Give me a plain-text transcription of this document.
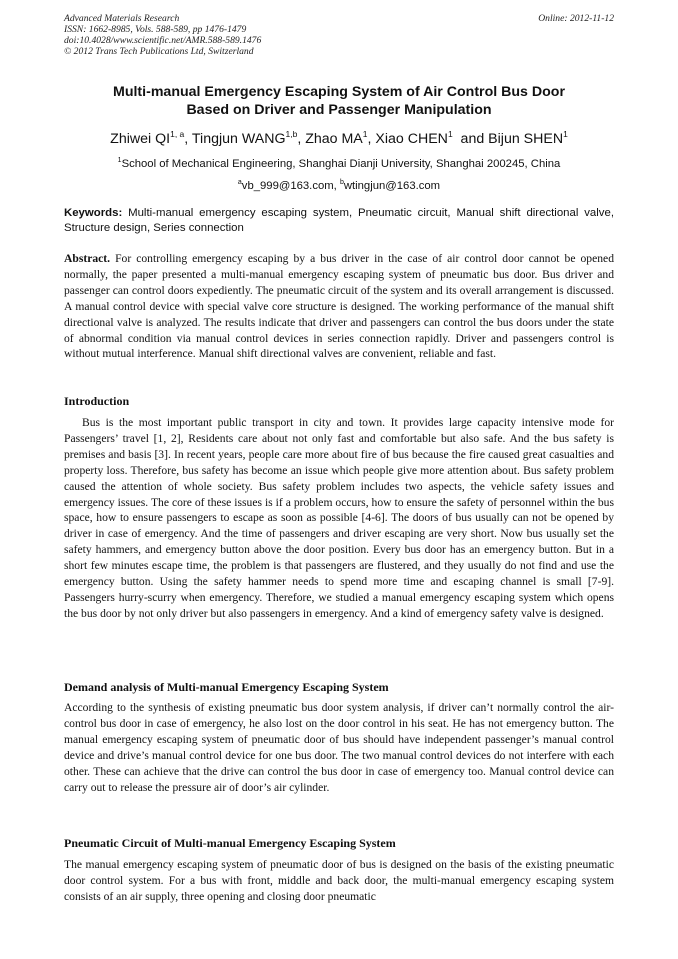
Advanced Materials Research
ISSN: 1662-8985, Vols. 588-589, pp 1476-1479
doi:10.4028/www.scientific.net/AMR.588-589.1476
© 2012 Trans Tech Publications Ltd, Switzerland
Online: 2012-11-12
Multi-manual Emergency Escaping System of Air Control Bus Door
Based on Driver and Passenger Manipulation
Zhiwei QI$^{1, a}$, Tingjun WANG$^{1,b}$, Zhao $MA^1$, Xiao CHEN$^1$  and Bijun SHEN$^1$
$^1$School of Mechanical Engineering, Shanghai Dianji University, Shanghai 200245, China
$^a$vb_999@163.com, $^b$wtingjun@163.com
Keywords: Multi-manual emergency escaping system, Pneumatic circuit, Manual shift directional valve, Structure design, Series connection
Abstract. For controlling emergency escaping by a bus driver in the case of air control door cannot be opened normally, the paper presented a multi-manual emergency escaping system of pneumatic bus door. Bus driver and passenger can control doors expediently. The pneumatic circuit of the system and its overall arrangement is discussed. A manual control device with special valve core structure is designed. The working performance of the manual shift directional valve is analyzed. The results indicate that driver and passengers can control the bus doors under the state of abnormal condition via manual control devices in series connection rapidly. Driver and passengers control is without mutual interference. Manual shift directional valves are convenient, reliable and fast.
Introduction
Bus is the most important public transport in city and town. It provides large capacity intensive mode for Passengers’ travel [1, 2], Residents care about not only fast and comfortable but also safe. And the bus safety is premises and basis [3]. In recent years, people care more about fire of bus because the fire caused great casualties and property loss. Therefore, bus safety has become an issue which people give more attention about. Bus safety problem caused the attention of whole society. Bus safety problem includes two aspects, the vehicle safety issues and emergency issues. The core of these issues is if a problem occurs, how to ensure the safety of personnel within the bus space, how to ensure passengers to escape as soon as possible [4-6]. The doors of bus usually can not be opened by driver in case of emergency. And the time of passengers and driver escaping are very short. Now bus usually set the safety hammers, and emergency button above the door position. Every bus door has an emergency button. But in a short few minutes escape time, the problem is that passengers are flustered, and they usually do not find and use the emergency button. Using the safety hammer needs to spend more time and escaping channel is small [7-9]. Passengers hurry-scurry when emergency. Therefore, we studied a manual emergency escaping system which opens the bus door by not only driver but also passengers in emergency. And a kind of emergency safety valve is designed.
Demand analysis of Multi-manual Emergency Escaping System
According to the synthesis of existing pneumatic bus door system analysis, if driver can’t normally control the air-control bus door in case of emergency, he also lost on the door control in his seat. He has not emergency button. The manual emergency escaping system of pneumatic door of bus should have independent passenger’s manual control device and drive’s manual control device for one bus door. The two manual control devices do not interfere with each other. These can achieve that the drive can control the bus door in case of emergency too. Manual control device can carry out to release the pressure air of door’s air cylinder.
Pneumatic Circuit of Multi-manual Emergency Escaping System
The manual emergency escaping system of pneumatic door of bus is designed on the basis of the existing pneumatic door control system. For a bus with front, middle and back door, the multi-manual emergency escaping system consists of an air supply, three opening and closing door pneumatic
